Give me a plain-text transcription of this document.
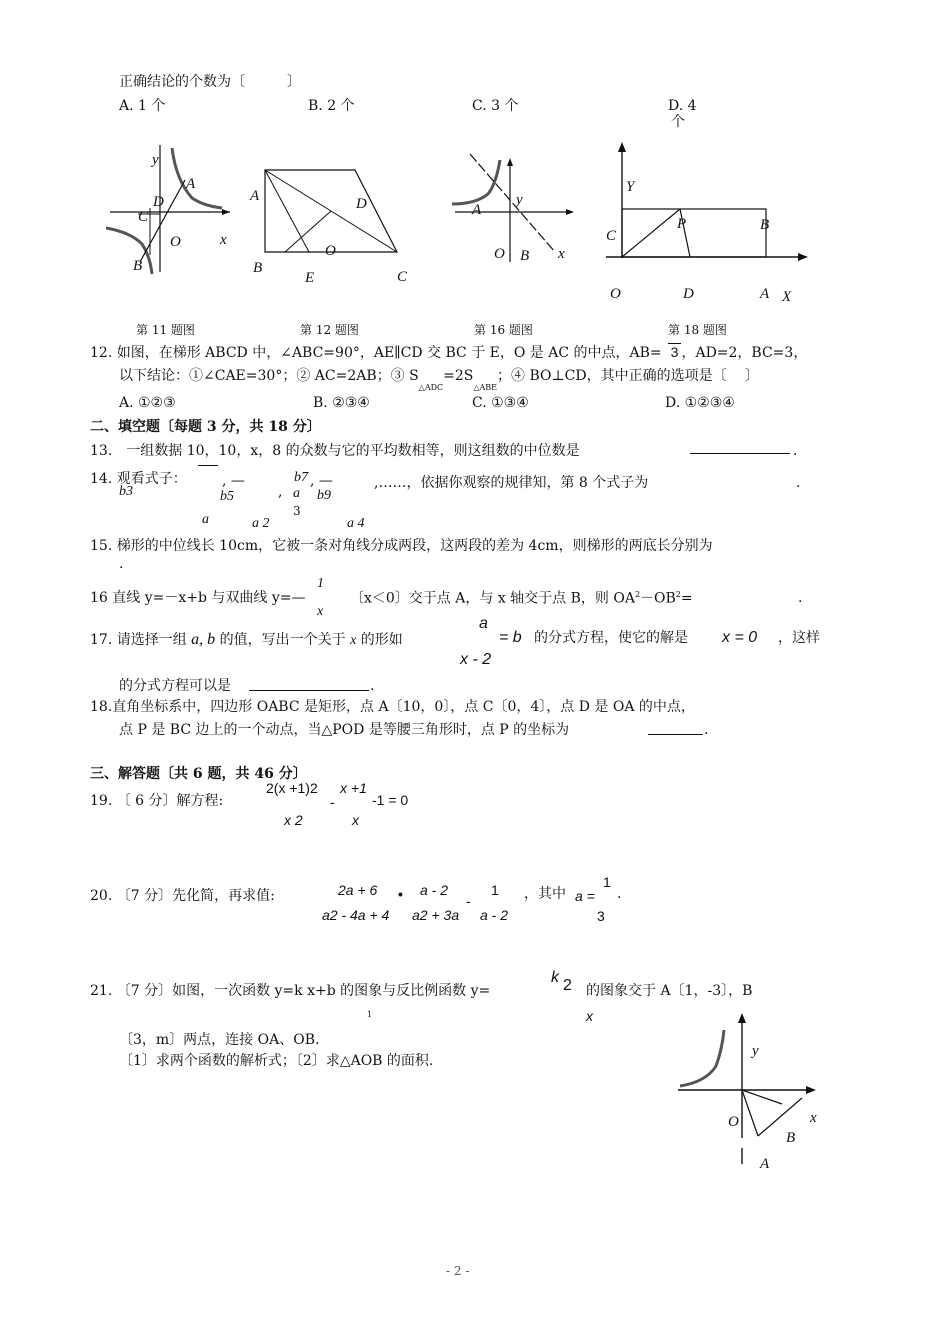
正确结论的个数为〔　　　〕
A. 1 个	B. 2 个	C. 3 个	D. 4
个
y
A
D
C
O	x
B
A	D
O
B
E	C
y
A
O B x
Y
C
P	B
O	D	A X
第 11 题图	第 12 题图	第 16 题图	第 18 题图
12. 如图，在梯形 ABCD 中，∠ABC=90°，AE∥CD 交 BC 于 E，O 是 AC 的中点，AB= 3 ，AD=2，BC=3，
以下结论：①∠CAE=30°；② AC=2AB；③ $S_{\triangle ADC}=2S_{\triangle ABE}$；④ BO⊥CD，其中正确的选项是〔　 〕
A. ①②③	B. ②③④	C. ①③④	D. ①②③④
二、填空题〔每题 3 分，共 18 分〕
13.　一组数据 10，10，x，8 的众数与它的平均数相等，则这组数的中位数是	.
14. 观看式子：
b3
, —
b5	,
b7
a
3
, —
b9
,……，依据你观察的规律知，第 8 个式子为	.
a	a 2	a 4
15. 梯形的中位线长 10cm，它被一条对角线分成两段，这两段的差为 4cm，则梯形的两底长分别为
.
16 直线 y=－x+b 与双曲线 y=—
1
x
〔x＜0〕交于点 A，与 x 轴交于点 B，则 $OA^2-OB^2=$	.
17. 请选择一组 a, b 的值，写出一个关于 x 的形如
a
x - 2
= b 的分式方程，使它的解是 x = 0 ，这样
的分式方程可以是	.
18.直角坐标系中，四边形 OABC 是矩形，点 A〔10，0〕，点 C〔0，4〕，点 D 是 OA 的中点，
点 P 是 BC 边上的一个动点，当△POD 是等腰三角形时，点 P 的坐标为	.
三、解答题〔共 6 题，共 46 分〕
19. 〔 6 分〕解方程:
2(x +1)2
x 2
-
x +1
x
-1 = 0
20. 〔7 分〕先化简，再求值:	2a + 6
a2 - 4a + 4
• a - 2
a2 + 3a
-
1
a - 2
，其中 a =
1
3
.
21. 〔7 分〕如图，一次函数 y=k x+b 的图象与反比例函数 y=
k 2 的图象交于 A〔1，-3〕，B
1	x
〔3，m〕两点，连接 OA、OB.
〔1〕求两个函数的解析式；〔2〕求△AOB 的面积.
y
O	x
B
A
- 2 -
